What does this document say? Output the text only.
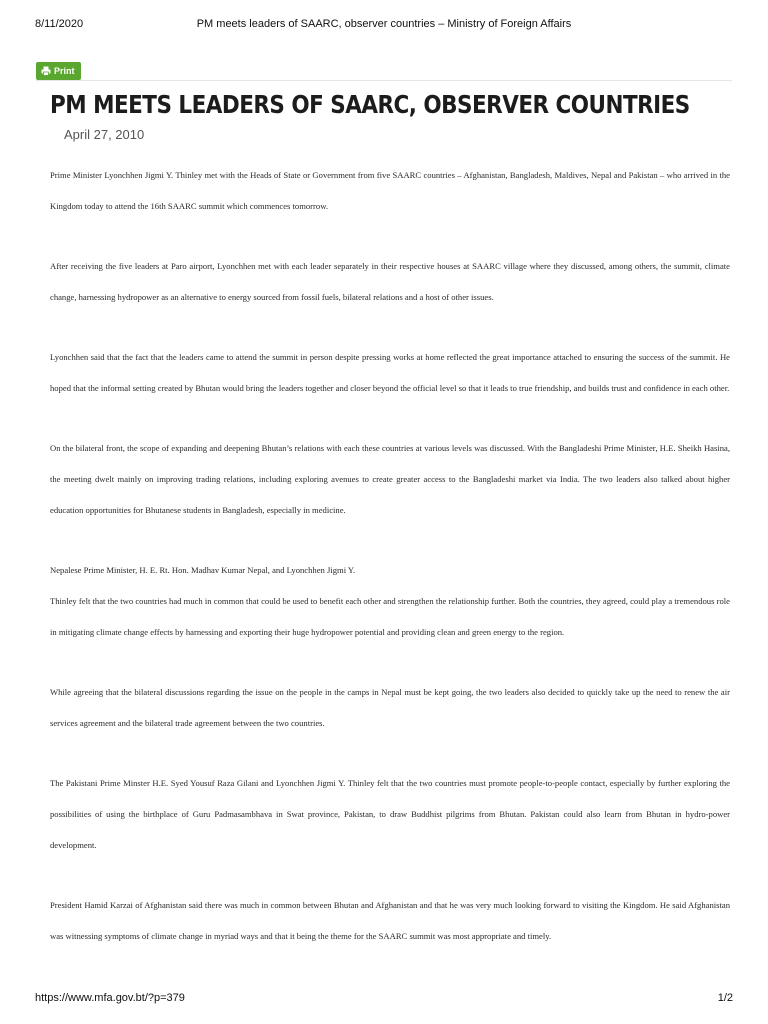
8/11/2020	PM meets leaders of SAARC, observer countries – Ministry of Foreign Affairs
Print
PM MEETS LEADERS OF SAARC, OBSERVER COUNTRIES
April 27, 2010

Prime Minister Lyonchhen Jigmi Y. Thinley met with the Heads of State or Government from five SAARC countries – Afghanistan, Bangladesh, Maldives, Nepal and Pakistan – who arrived in the Kingdom today to attend the 16th SAARC summit which commences tomorrow.

After receiving the five leaders at Paro airport, Lyonchhen met with each leader separately in their respective houses at SAARC village where they discussed, among others, the summit, climate change, harnessing hydropower as an alternative to energy sourced from fossil fuels, bilateral relations and a host of other issues.

Lyonchhen said that the fact that the leaders came to attend the summit in person despite pressing works at home reflected the great importance attached to ensuring the success of the summit. He hoped that the informal setting created by Bhutan would bring the leaders together and closer beyond the official level so that it leads to true friendship, and builds trust and confidence in each other.

On the bilateral front, the scope of expanding and deepening Bhutan’s relations with each these countries at various levels was discussed. With the Bangladeshi Prime Minister, H.E. Sheikh Hasina, the meeting dwelt mainly on improving trading relations, including exploring avenues to create greater access to the Bangladeshi market via India. The two leaders also talked about higher education opportunities for Bhutanese students in Bangladesh, especially in medicine.

Nepalese Prime Minister, H. E. Rt. Hon. Madhav Kumar Nepal, and Lyonchhen Jigmi Y.

Thinley felt that the two countries had much in common that could be used to benefit each other and strengthen the relationship further. Both the countries, they agreed, could play a tremendous role in mitigating climate change effects by harnessing and exporting their huge hydropower potential and providing clean and green energy to the region.

While agreeing that the bilateral discussions regarding the issue on the people in the camps in Nepal must be kept going, the two leaders also decided to quickly take up the need to renew the air services agreement and the bilateral trade agreement between the two countries.

The Pakistani Prime Minster H.E. Syed Yousuf Raza Gilani and Lyonchhen Jigmi Y. Thinley felt that the two countries must promote people-to-people contact, especially by further exploring the possibilities of using the birthplace of Guru Padmasambhava in Swat province, Pakistan, to draw Buddhist pilgrims from Bhutan. Pakistan could also learn from Bhutan in hydro-power development.

President Hamid Karzai of Afghanistan said there was much in common between Bhutan and Afghanistan and that he was very much looking forward to visiting the Kingdom. He said Afghanistan was witnessing symptoms of climate change in myriad ways and that it being the theme for the SAARC summit was most appropriate and timely.

https://www.mfa.gov.bt/?p=379	1/2
